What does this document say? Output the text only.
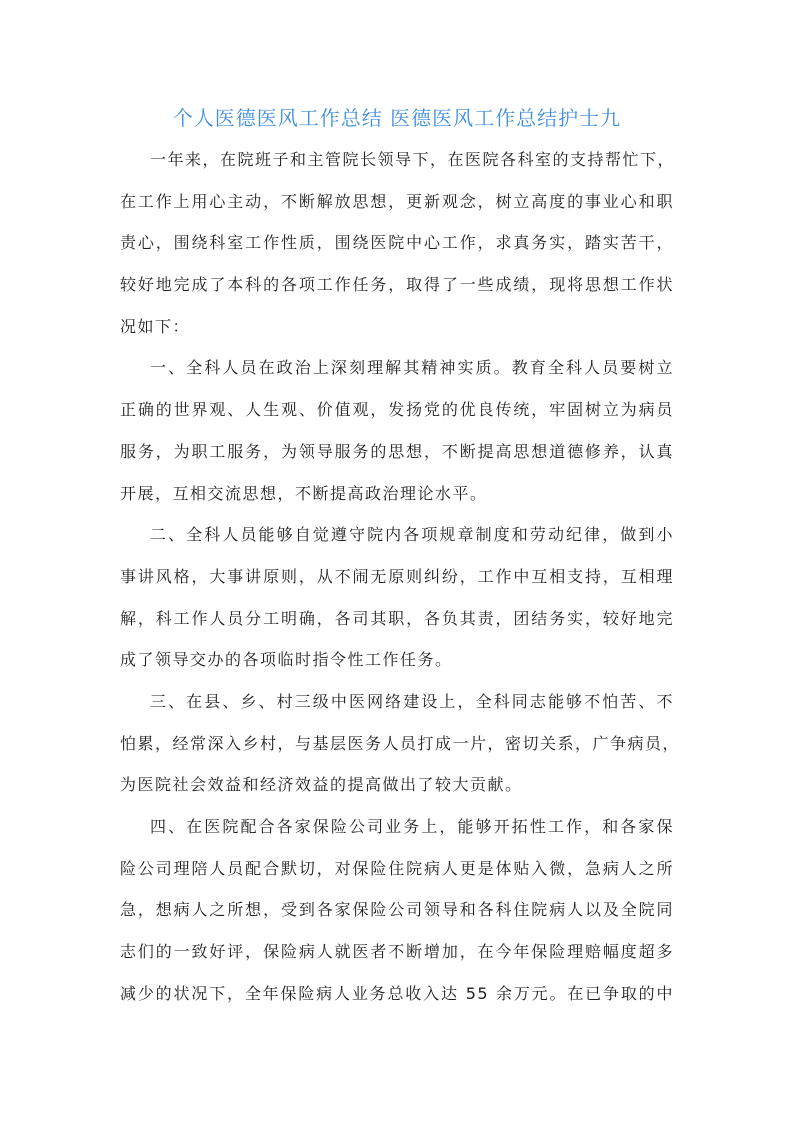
个人医德医风工作总结 医德医风工作总结护士九
一年来，在院班子和主管院长领导下，在医院各科室的支持帮忙下，
在工作上用心主动，不断解放思想，更新观念，树立高度的事业心和职
责心，围绕科室工作性质，围绕医院中心工作，求真务实，踏实苦干，
较好地完成了本科的各项工作任务，取得了一些成绩，现将思想工作状
况如下：
一、全科人员在政治上深刻理解其精神实质。教育全科人员要树立
正确的世界观、人生观、价值观，发扬党的优良传统，牢固树立为病员
服务，为职工服务，为领导服务的思想，不断提高思想道德修养，认真
开展，互相交流思想，不断提高政治理论水平。
二、全科人员能够自觉遵守院内各项规章制度和劳动纪律，做到小
事讲风格，大事讲原则，从不闹无原则纠纷，工作中互相支持，互相理
解，科工作人员分工明确，各司其职，各负其责，团结务实，较好地完
成了领导交办的各项临时指令性工作任务。
三、在县、乡、村三级中医网络建设上，全科同志能够不怕苦、不
怕累，经常深入乡村，与基层医务人员打成一片，密切关系，广争病员，
为医院社会效益和经济效益的提高做出了较大贡献。
四、在医院配合各家保险公司业务上，能够开拓性工作，和各家保
险公司理陪人员配合默切，对保险住院病人更是体贴入微，急病人之所
急，想病人之所想，受到各家保险公司领导和各科住院病人以及全院同
志们的一致好评，保险病人就医者不断增加，在今年保险理赔幅度超多
减少的状况下，全年保险病人业务总收入达 55 余万元。在已争取的中
